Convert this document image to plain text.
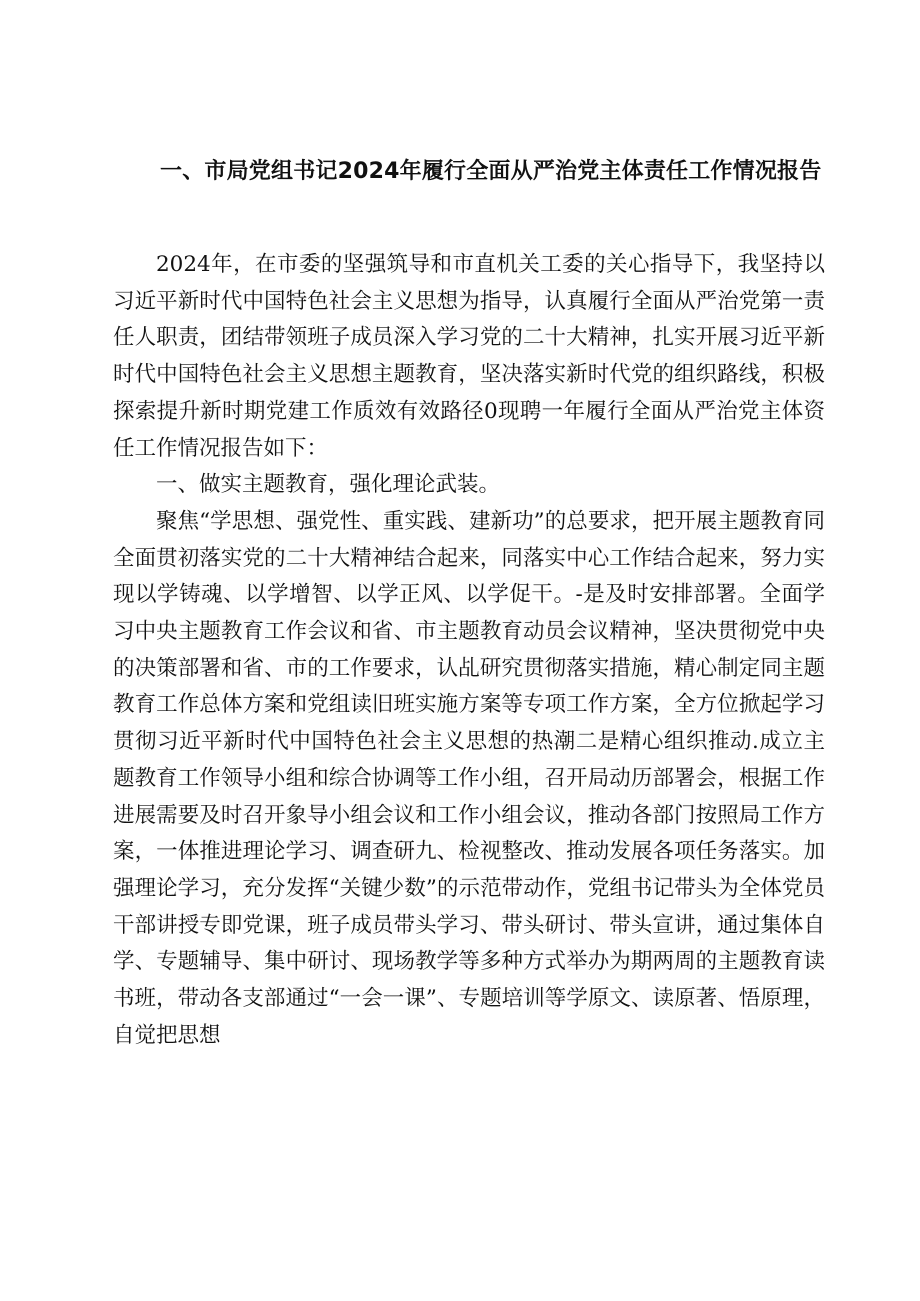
一、市局党组书记2024年履行全面从严治党主体责任工作情况报告

2024年，在市委的坚强筑导和市直机关工委的关心指导下，我坚持以习近平新时代中国特色社会主义思想为指导，认真履行全面从严治党第一责任人职责，团结带领班子成员深入学习党的二十大精神，扎实开展习近平新时代中国特色社会主义思想主题教育，坚决落实新时代党的组织路线，积极探索提升新时期党建工作质效有效路径0现聘一年履行全面从严治党主体资任工作情况报告如下：

一、做实主题教育，强化理论武装。

聚焦“学思想、强党性、重实践、建新功”的总要求，把开展主题教育同全面贯初落实党的二十大精神结合起来，同落实中心工作结合起来，努力实现以学铸魂、以学增智、以学正风、以学促干。-是及时安排部署。全面学习中央主题教育工作会议和省、市主题教育动员会议精神，坚决贯彻党中央的决策部署和省、市的工作要求，认乩研究贯彻落实措施，精心制定同主题教育工作总体方案和党组读旧班实施方案等专项工作方案，全方位掀起学习贯彻习近平新时代中国特色社会主义思想的热潮二是精心组织推动.成立主题教育工作领导小组和综合协调等工作小组，召开局动历部署会，根据工作进展需要及时召开象导小组会议和工作小组会议，推动各部门按照局工作方案，一体推进理论学习、调查研九、检视整改、推动发展各项任务落实。加强理论学习，充分发挥“关键少数”的示范带动作，党组书记带头为全体党员干部讲授专即党课，班子成员带头学习、带头研讨、带头宣讲，通过集体自学、专题辅导、集中研讨、现场教学等多种方式举办为期两周的主题教育读书班，带动各支部通过“一会一课”、专题培训等学原文、读原著、悟原理，自觉把思想
